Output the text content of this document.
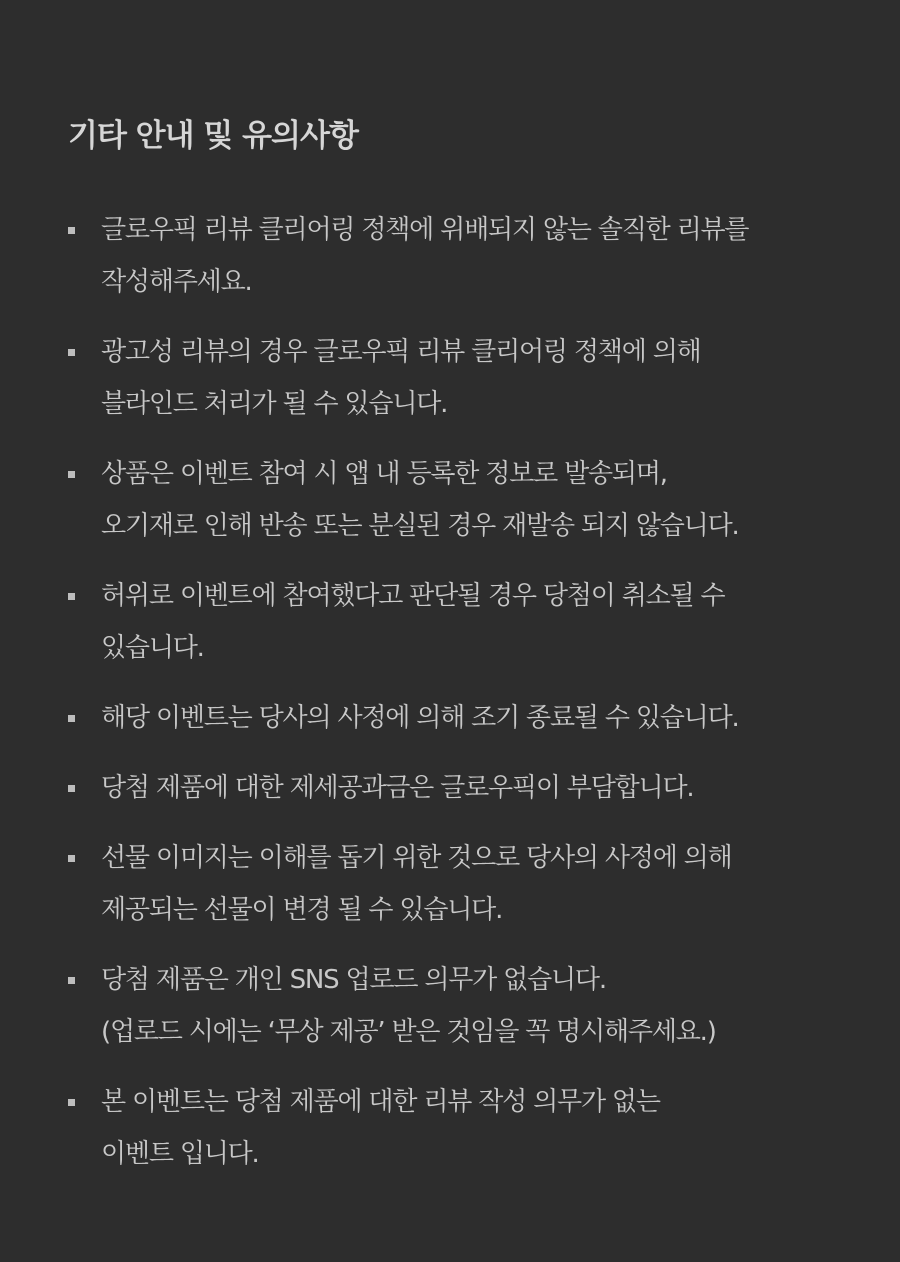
기타 안내 및 유의사항
글로우픽 리뷰 클리어링 정책에 위배되지 않는 솔직한 리뷰를
작성해주세요.
광고성 리뷰의 경우 글로우픽 리뷰 클리어링 정책에 의해
블라인드 처리가 될 수 있습니다.
상품은 이벤트 참여 시 앱 내 등록한 정보로 발송되며,
오기재로 인해 반송 또는 분실된 경우 재발송 되지 않습니다.
허위로 이벤트에 참여했다고 판단될 경우 당첨이 취소될 수
있습니다.
해당 이벤트는 당사의 사정에 의해 조기 종료될 수 있습니다.
당첨 제품에 대한 제세공과금은 글로우픽이 부담합니다.
선물 이미지는 이해를 돕기 위한 것으로 당사의 사정에 의해
제공되는 선물이 변경 될 수 있습니다.
당첨 제품은 개인 SNS 업로드 의무가 없습니다.
(업로드 시에는 ‘무상 제공’ 받은 것임을 꼭 명시해주세요.)
본 이벤트는 당첨 제품에 대한 리뷰 작성 의무가 없는
이벤트 입니다.
